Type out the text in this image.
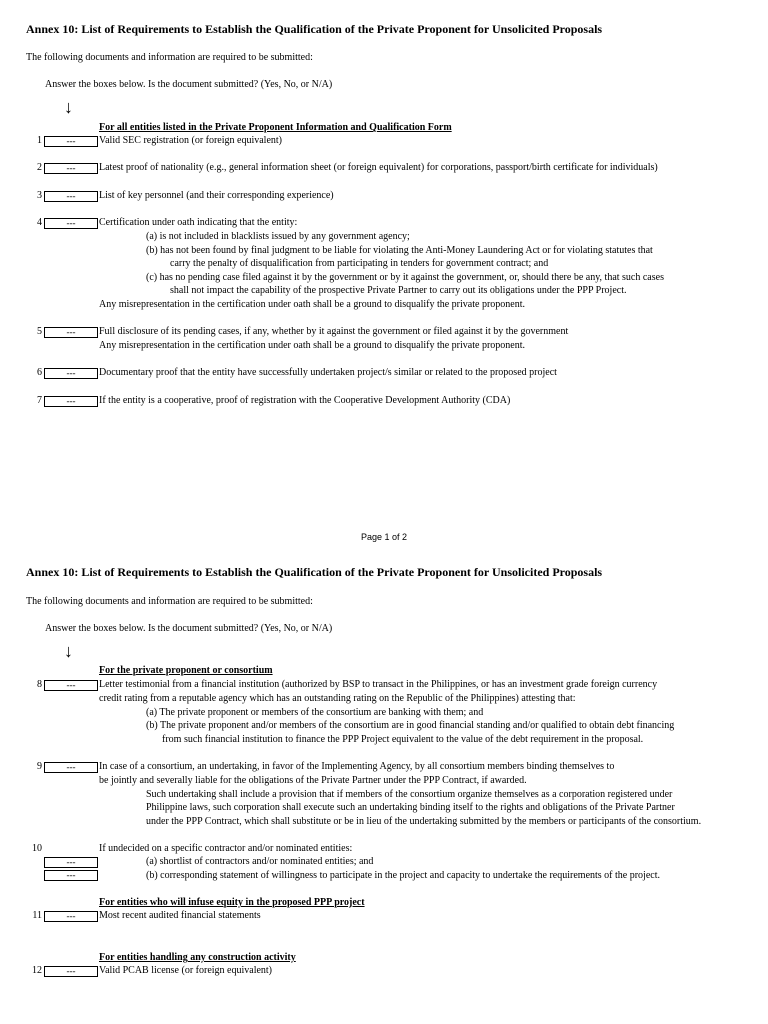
Annex 10: List of Requirements to Establish the Qualification of the Private Proponent for Unsolicited Proposals
The following documents and information are required to be submitted:
Answer the boxes below. Is the document submitted? (Yes, No, or N/A)
↓
For all entities listed in the Private Proponent Information and Qualification Form
1	---	Valid SEC registration (or foreign equivalent)
2	---	Latest proof of nationality (e.g., general information sheet (or foreign equivalent) for corporations, passport/birth certificate for individuals)
3	---	List of key personnel (and their corresponding experience)
4	---	Certification under oath indicating that the entity:
(a) is not included in blacklists issued by any government agency;
(b) has not been found by final judgment to be liable for violating the Anti-Money Laundering Act or for violating statutes that
carry the penalty of disqualification from participating in tenders for government contract; and
(c) has no pending case filed against it by the government or by it against the government, or, should there be any, that such cases
shall not impact the capability of the prospective Private Partner to carry out its obligations under the PPP Project.
Any misrepresentation in the certification under oath shall be a ground to disqualify the private proponent.
5	---	Full disclosure of its pending cases, if any, whether by it against the government or filed against it by the government
Any misrepresentation in the certification under oath shall be a ground to disqualify the private proponent.
6	---	Documentary proof that the entity have successfully undertaken project/s similar or related to the proposed project
7	---	If the entity is a cooperative, proof of registration with the Cooperative Development Authority (CDA)
Page 1 of 2
Annex 10: List of Requirements to Establish the Qualification of the Private Proponent for Unsolicited Proposals
The following documents and information are required to be submitted:
Answer the boxes below. Is the document submitted? (Yes, No, or N/A)
↓
For the private proponent or consortium
8	---	Letter testimonial from a financial institution (authorized by BSP to transact in the Philippines, or has an investment grade foreign currency
credit rating from a reputable agency which has an outstanding rating on the Republic of the Philippines) attesting that:
(a) The private proponent or members of the consortium are banking with them; and
(b) The private proponent and/or members of the consortium are in good financial standing and/or qualified to obtain debt financing
from such financial institution to finance the PPP Project equivalent to the value of the debt requirement in the proposal.
9	---	In case of a consortium, an undertaking, in favor of the Implementing Agency, by all consortium members binding themselves to
be jointly and severally liable for the obligations of the Private Partner under the PPP Contract, if awarded.
Such undertaking shall include a provision that if members of the consortium organize themselves as a corporation registered under
Philippine laws, such corporation shall execute such an undertaking binding itself to the rights and obligations of the Private Partner
under the PPP Contract, which shall substitute or be in lieu of the undertaking submitted by the members or participants of the consortium.
10	If undecided on a specific contractor and/or nominated entities:
---	(a) shortlist of contractors and/or nominated entities; and
---	(b) corresponding statement of willingness to participate in the project and capacity to undertake the requirements of the project.
For entities who will infuse equity in the proposed PPP project
11	---	Most recent audited financial statements
For entities handling any construction activity
12	---	Valid PCAB license (or foreign equivalent)
